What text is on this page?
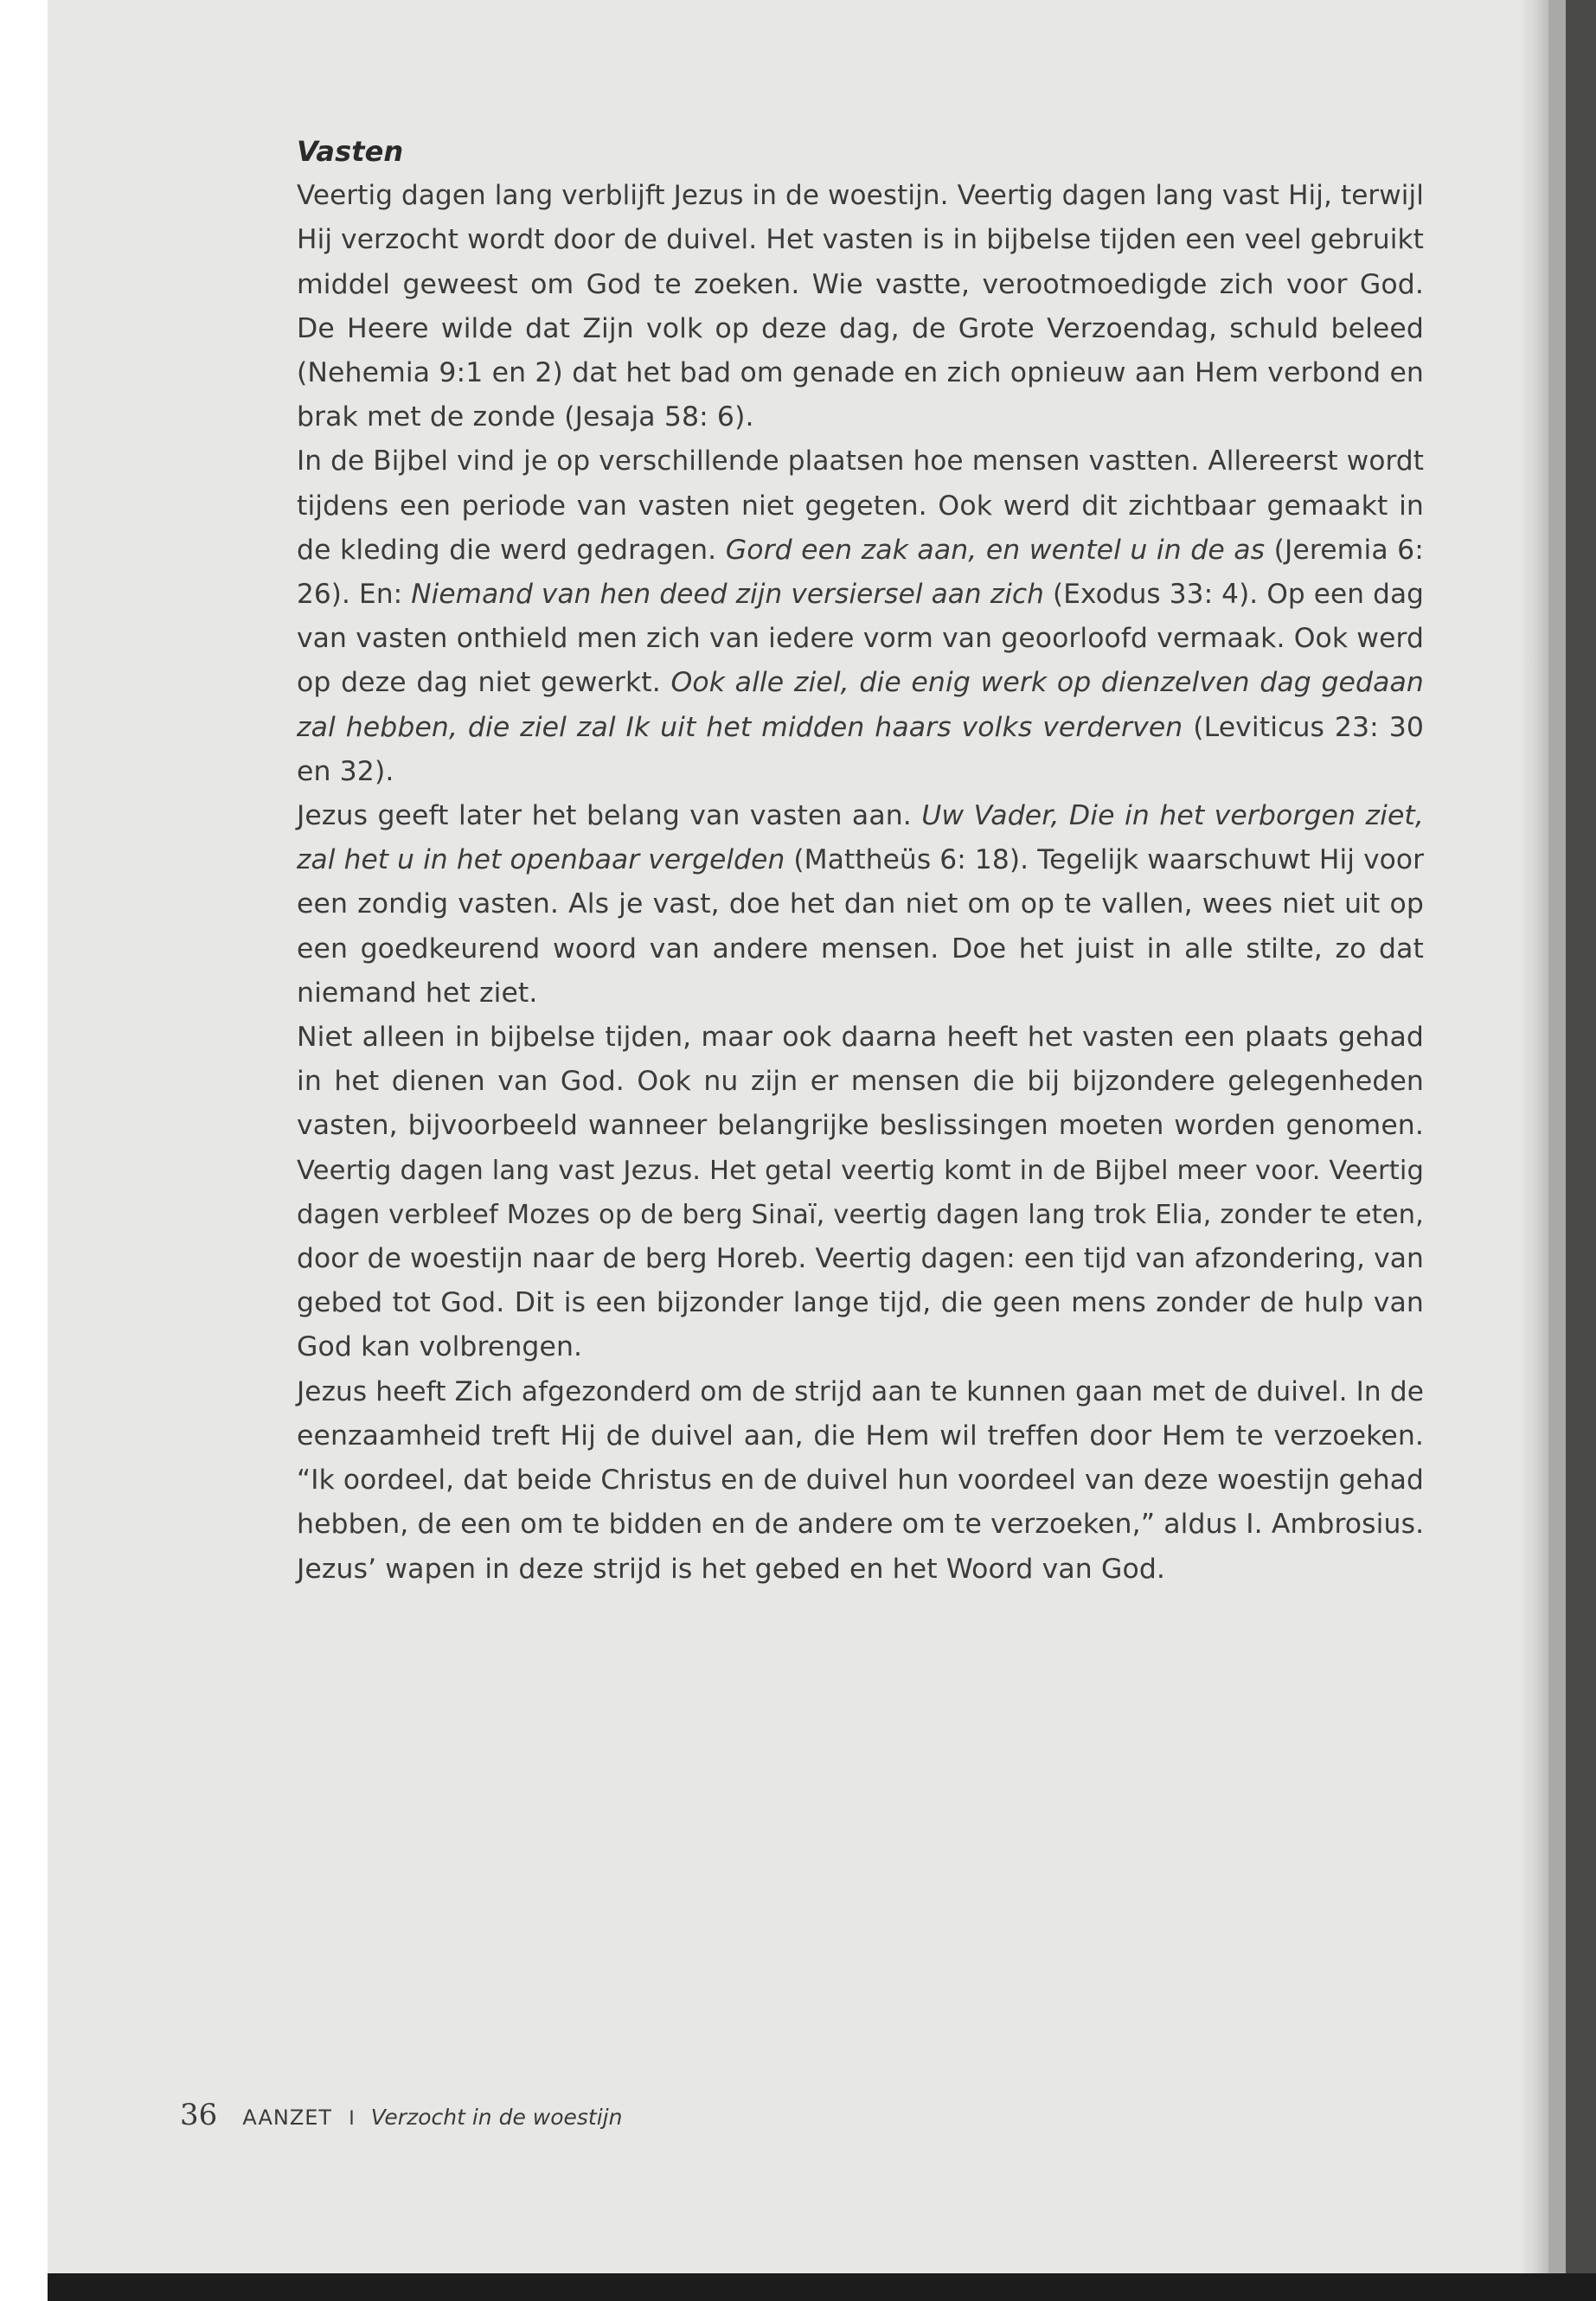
Vasten
Veertig dagen lang verblijft Jezus in de woestijn. Veertig dagen lang vast Hij, terwijl
Hij verzocht wordt door de duivel. Het vasten is in bijbelse tijden een veel gebruikt
middel geweest om God te zoeken. Wie vastte, verootmoedigde zich voor God.
De Heere wilde dat Zijn volk op deze dag, de Grote Verzoendag, schuld beleed
(Nehemia 9:1 en 2) dat het bad om genade en zich opnieuw aan Hem verbond en
brak met de zonde (Jesaja 58: 6).
In de Bijbel vind je op verschillende plaatsen hoe mensen vastten. Allereerst wordt
tijdens een periode van vasten niet gegeten. Ook werd dit zichtbaar gemaakt in
de kleding die werd gedragen. Gord een zak aan, en wentel u in de as (Jeremia 6:
26). En: Niemand van hen deed zijn versiersel aan zich (Exodus 33: 4). Op een dag
van vasten onthield men zich van iedere vorm van geoorloofd vermaak. Ook werd
op deze dag niet gewerkt. Ook alle ziel, die enig werk op dienzelven dag gedaan
zal hebben, die ziel zal Ik uit het midden haars volks verderven (Leviticus 23: 30
en 32).
Jezus geeft later het belang van vasten aan. Uw Vader, Die in het verborgen ziet,
zal het u in het openbaar vergelden (Mattheüs 6: 18). Tegelijk waarschuwt Hij voor
een zondig vasten. Als je vast, doe het dan niet om op te vallen, wees niet uit op
een goedkeurend woord van andere mensen. Doe het juist in alle stilte, zo dat
niemand het ziet.
Niet alleen in bijbelse tijden, maar ook daarna heeft het vasten een plaats gehad
in het dienen van God. Ook nu zijn er mensen die bij bijzondere gelegenheden
vasten, bijvoorbeeld wanneer belangrijke beslissingen moeten worden genomen.
Veertig dagen lang vast Jezus. Het getal veertig komt in de Bijbel meer voor. Veertig
dagen verbleef Mozes op de berg Sinaï, veertig dagen lang trok Elia, zonder te eten,
door de woestijn naar de berg Horeb. Veertig dagen: een tijd van afzondering, van
gebed tot God. Dit is een bijzonder lange tijd, die geen mens zonder de hulp van
God kan volbrengen.
Jezus heeft Zich afgezonderd om de strijd aan te kunnen gaan met de duivel. In de
eenzaamheid treft Hij de duivel aan, die Hem wil treffen door Hem te verzoeken.
“Ik oordeel, dat beide Christus en de duivel hun voordeel van deze woestijn gehad
hebben, de een om te bidden en de andere om te verzoeken,” aldus I. Ambrosius.
Jezus’ wapen in deze strijd is het gebed en het Woord van God.
36 AANZET I Verzocht in de woestijn
